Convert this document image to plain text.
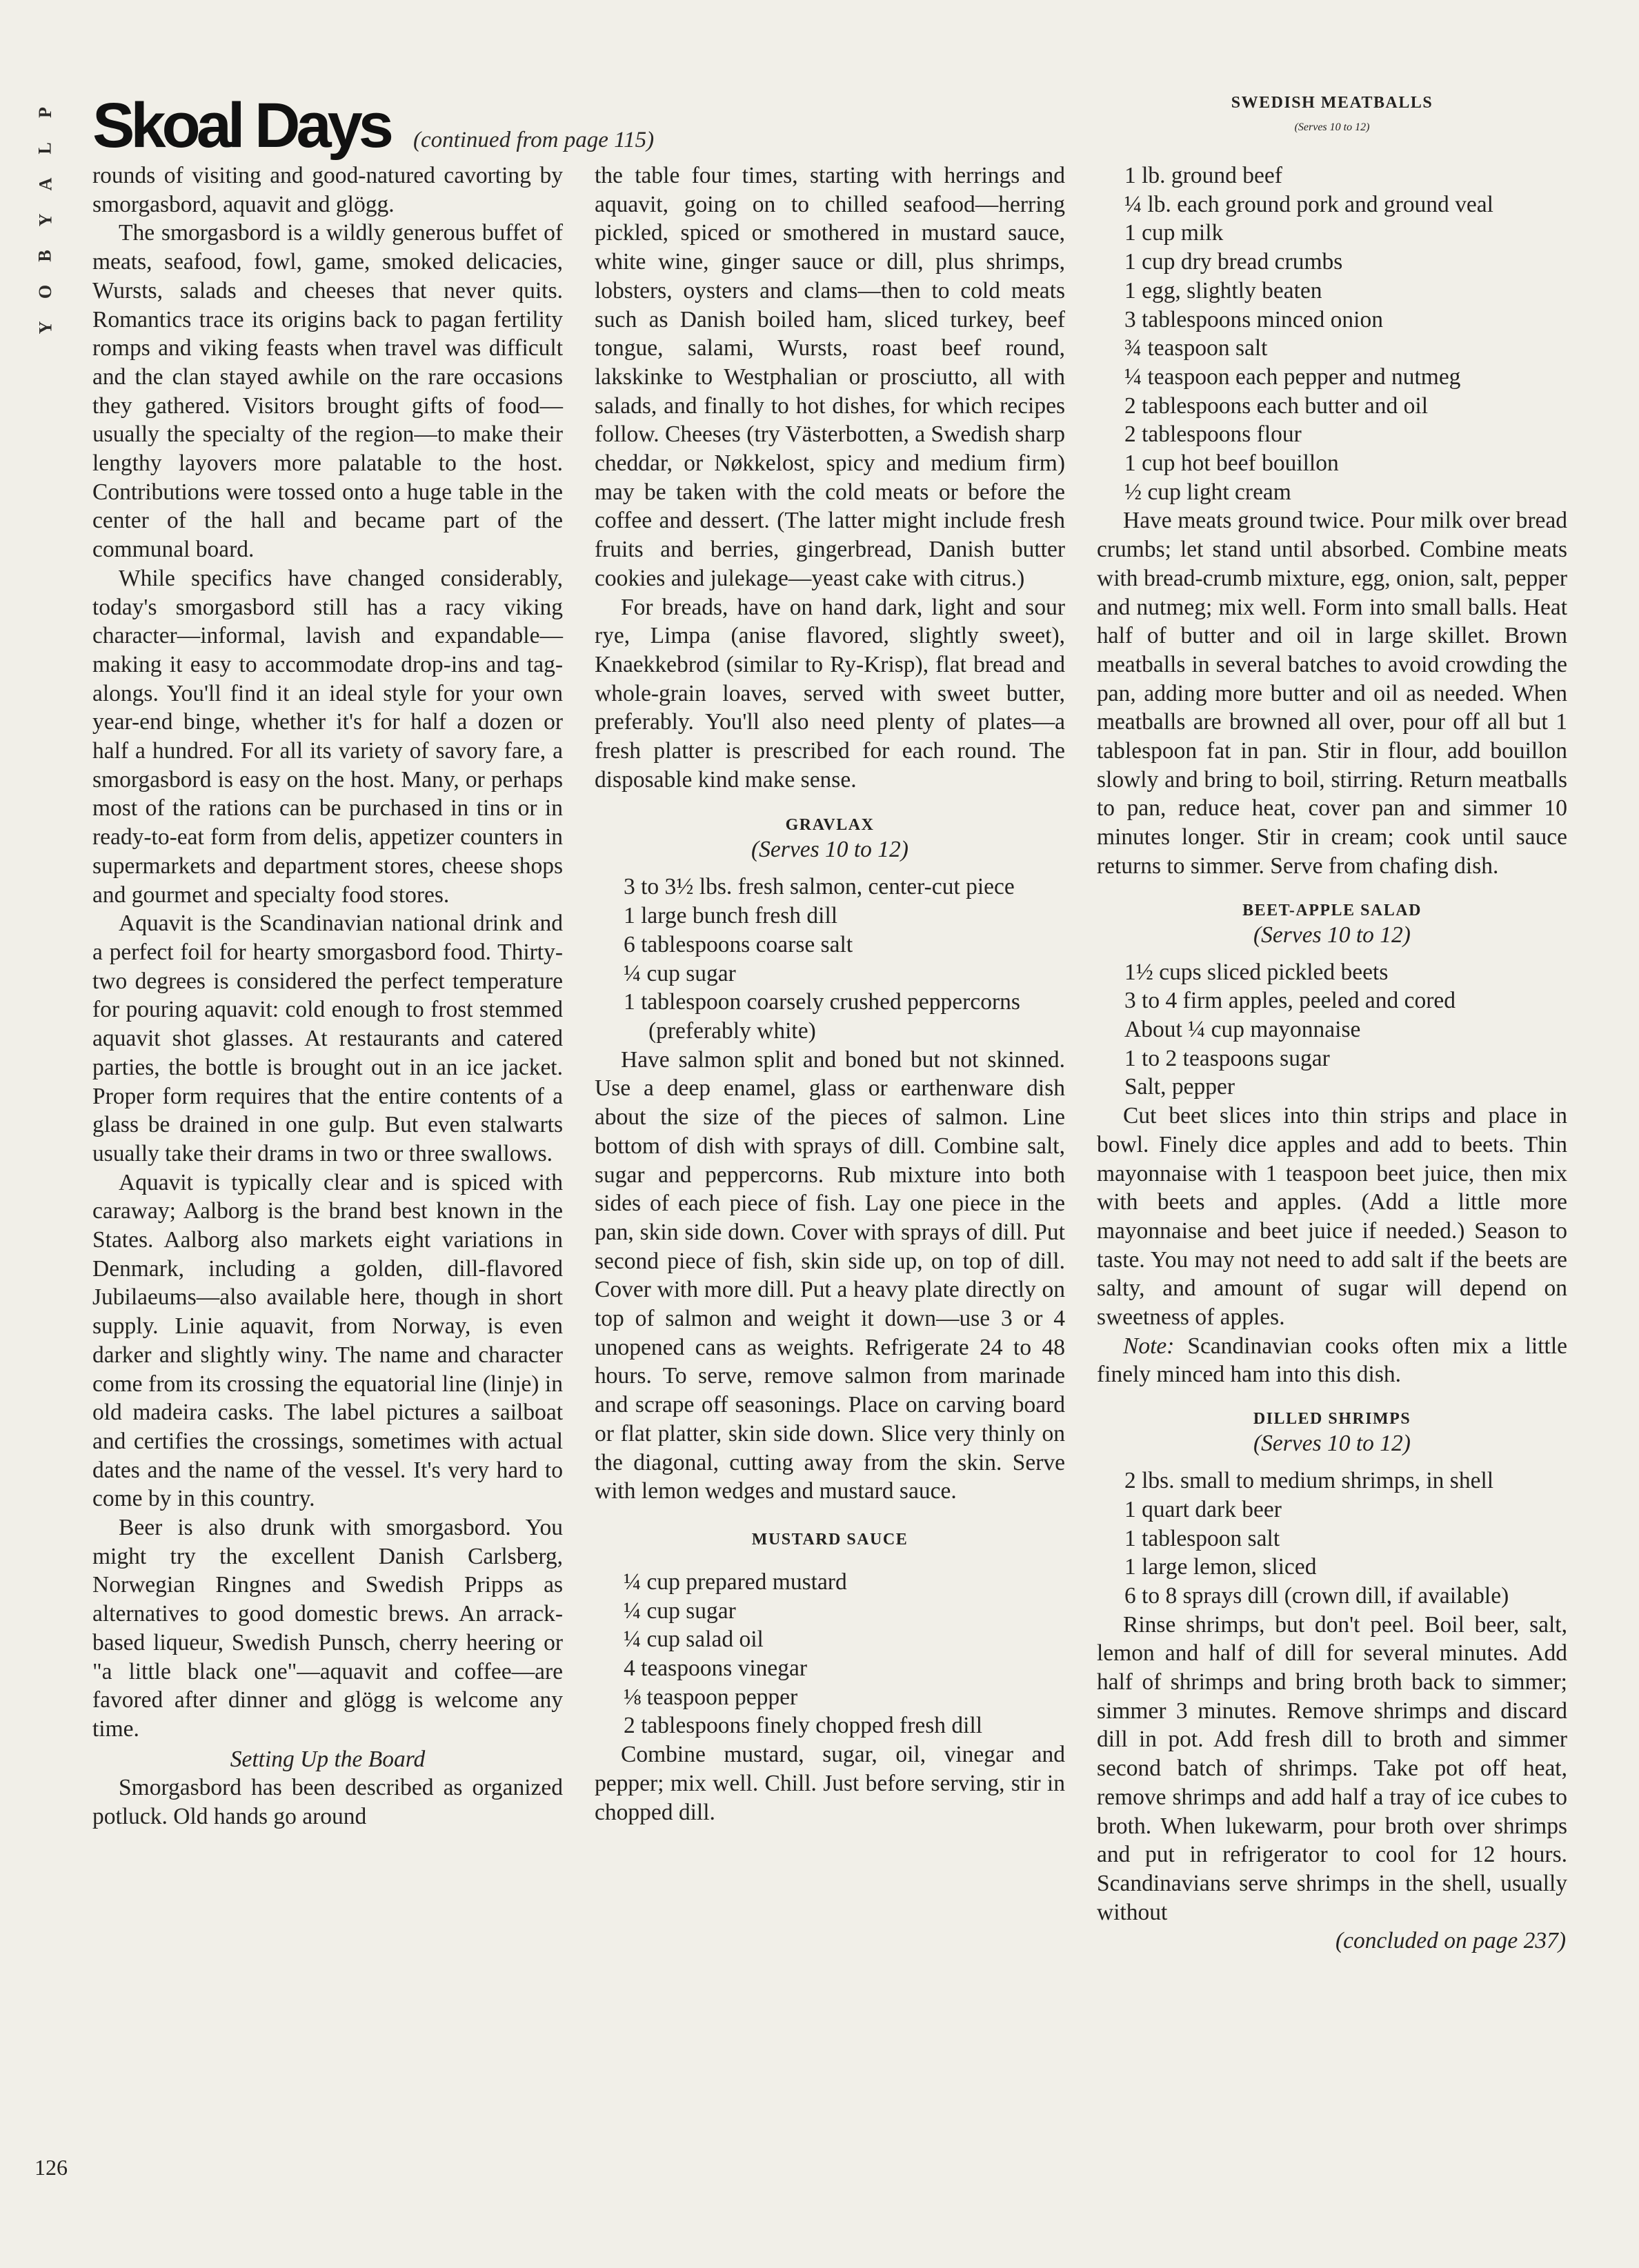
P
L
A
Y
B
O
Y
Skoal Days (continued from page 115)

rounds of visiting and good-natured cavorting by smorgasbord, aquavit and glögg.

The smorgasbord is a wildly generous buffet of meats, seafood, fowl, game, smoked delicacies, Wursts, salads and cheeses that never quits. Romantics trace its origins back to pagan fertility romps and viking feasts when travel was difficult and the clan stayed awhile on the rare occasions they gathered. Visitors brought gifts of food—usually the specialty of the region—to make their lengthy layovers more palatable to the host. Contributions were tossed onto a huge table in the center of the hall and became part of the communal board.

While specifics have changed considerably, today's smorgasbord still has a racy viking character—informal, lavish and expandable—making it easy to accommodate drop-ins and tag-alongs. You'll find it an ideal style for your own year-end binge, whether it's for half a dozen or half a hundred. For all its variety of savory fare, a smorgasbord is easy on the host. Many, or perhaps most of the rations can be purchased in tins or in ready-to-eat form from delis, appetizer counters in supermarkets and department stores, cheese shops and gourmet and specialty food stores.

Aquavit is the Scandinavian national drink and a perfect foil for hearty smorgasbord food. Thirty-two degrees is considered the perfect temperature for pouring aquavit: cold enough to frost stemmed aquavit shot glasses. At restaurants and catered parties, the bottle is brought out in an ice jacket. Proper form requires that the entire contents of a glass be drained in one gulp. But even stalwarts usually take their drams in two or three swallows.

Aquavit is typically clear and is spiced with caraway; Aalborg is the brand best known in the States. Aalborg also markets eight variations in Denmark, including a golden, dill-flavored Jubilaeums—also available here, though in short supply. Linie aquavit, from Norway, is even darker and slightly winy. The name and character come from its crossing the equatorial line (linje) in old madeira casks. The label pictures a sailboat and certifies the crossings, sometimes with actual dates and the name of the vessel. It's very hard to come by in this country.

Beer is also drunk with smorgasbord. You might try the excellent Danish Carlsberg, Norwegian Ringnes and Swedish Pripps as alternatives to good domestic brews. An arrack-based liqueur, Swedish Punsch, cherry heering or "a little black one"—aquavit and coffee—are favored after dinner and glögg is welcome any time.

Setting Up the Board

Smorgasbord has been described as organized potluck. Old hands go around

the table four times, starting with herrings and aquavit, going on to chilled seafood—herring pickled, spiced or smothered in mustard sauce, white wine, ginger sauce or dill, plus shrimps, lobsters, oysters and clams—then to cold meats such as Danish boiled ham, sliced turkey, beef tongue, salami, Wursts, roast beef round, lakskinke to Westphalian or prosciutto, all with salads, and finally to hot dishes, for which recipes follow. Cheeses (try Västerbotten, a Swedish sharp cheddar, or Nøkkelost, spicy and medium firm) may be taken with the cold meats or before the coffee and dessert. (The latter might include fresh fruits and berries, gingerbread, Danish butter cookies and julekage—yeast cake with citrus.)

For breads, have on hand dark, light and sour rye, Limpa (anise flavored, slightly sweet), Knaekkebrod (similar to Ry-Krisp), flat bread and whole-grain loaves, served with sweet butter, preferably. You'll also need plenty of plates—a fresh platter is prescribed for each round. The disposable kind make sense.

GRAVLAX
(Serves 10 to 12)
3 to 3½ lbs. fresh salmon, center-cut piece
1 large bunch fresh dill
6 tablespoons coarse salt
¼ cup sugar
1 tablespoon coarsely crushed peppercorns (preferably white)

Have salmon split and boned but not skinned. Use a deep enamel, glass or earthenware dish about the size of the pieces of salmon. Line bottom of dish with sprays of dill. Combine salt, sugar and peppercorns. Rub mixture into both sides of each piece of fish. Lay one piece in the pan, skin side down. Cover with sprays of dill. Put second piece of fish, skin side up, on top of dill. Cover with more dill. Put a heavy plate directly on top of salmon and weight it down—use 3 or 4 unopened cans as weights. Refrigerate 24 to 48 hours. To serve, remove salmon from marinade and scrape off seasonings. Place on carving board or flat platter, skin side down. Slice very thinly on the diagonal, cutting away from the skin. Serve with lemon wedges and mustard sauce.

MUSTARD SAUCE
¼ cup prepared mustard
¼ cup sugar
¼ cup salad oil
4 teaspoons vinegar
⅛ teaspoon pepper
2 tablespoons finely chopped fresh dill

Combine mustard, sugar, oil, vinegar and pepper; mix well. Chill. Just before serving, stir in chopped dill.

SWEDISH MEATBALLS
(Serves 10 to 12)
1 lb. ground beef
¼ lb. each ground pork and ground veal
1 cup milk
1 cup dry bread crumbs
1 egg, slightly beaten
3 tablespoons minced onion
¾ teaspoon salt
¼ teaspoon each pepper and nutmeg
2 tablespoons each butter and oil
2 tablespoons flour
1 cup hot beef bouillon
½ cup light cream

Have meats ground twice. Pour milk over bread crumbs; let stand until absorbed. Combine meats with bread-crumb mixture, egg, onion, salt, pepper and nutmeg; mix well. Form into small balls. Heat half of butter and oil in large skillet. Brown meatballs in several batches to avoid crowding the pan, adding more butter and oil as needed. When meatballs are browned all over, pour off all but 1 tablespoon fat in pan. Stir in flour, add bouillon slowly and bring to boil, stirring. Return meatballs to pan, reduce heat, cover pan and simmer 10 minutes longer. Stir in cream; cook until sauce returns to simmer. Serve from chafing dish.

BEET-APPLE SALAD
(Serves 10 to 12)
1½ cups sliced pickled beets
3 to 4 firm apples, peeled and cored
About ¼ cup mayonnaise
1 to 2 teaspoons sugar
Salt, pepper

Cut beet slices into thin strips and place in bowl. Finely dice apples and add to beets. Thin mayonnaise with 1 teaspoon beet juice, then mix with beets and apples. (Add a little more mayonnaise and beet juice if needed.) Season to taste. You may not need to add salt if the beets are salty, and amount of sugar will depend on sweetness of apples.

Note: Scandinavian cooks often mix a little finely minced ham into this dish.

DILLED SHRIMPS
(Serves 10 to 12)
2 lbs. small to medium shrimps, in shell
1 quart dark beer
1 tablespoon salt
1 large lemon, sliced
6 to 8 sprays dill (crown dill, if available)

Rinse shrimps, but don't peel. Boil beer, salt, lemon and half of dill for several minutes. Add half of shrimps and bring broth back to simmer; simmer 3 minutes. Remove shrimps and discard dill in pot. Add fresh dill to broth and simmer second batch of shrimps. Take pot off heat, remove shrimps and add half a tray of ice cubes to broth. When lukewarm, pour broth over shrimps and put in refrigerator to cool for 12 hours. Scandinavians serve shrimps in the shell, usually without

(concluded on page 237)
126
